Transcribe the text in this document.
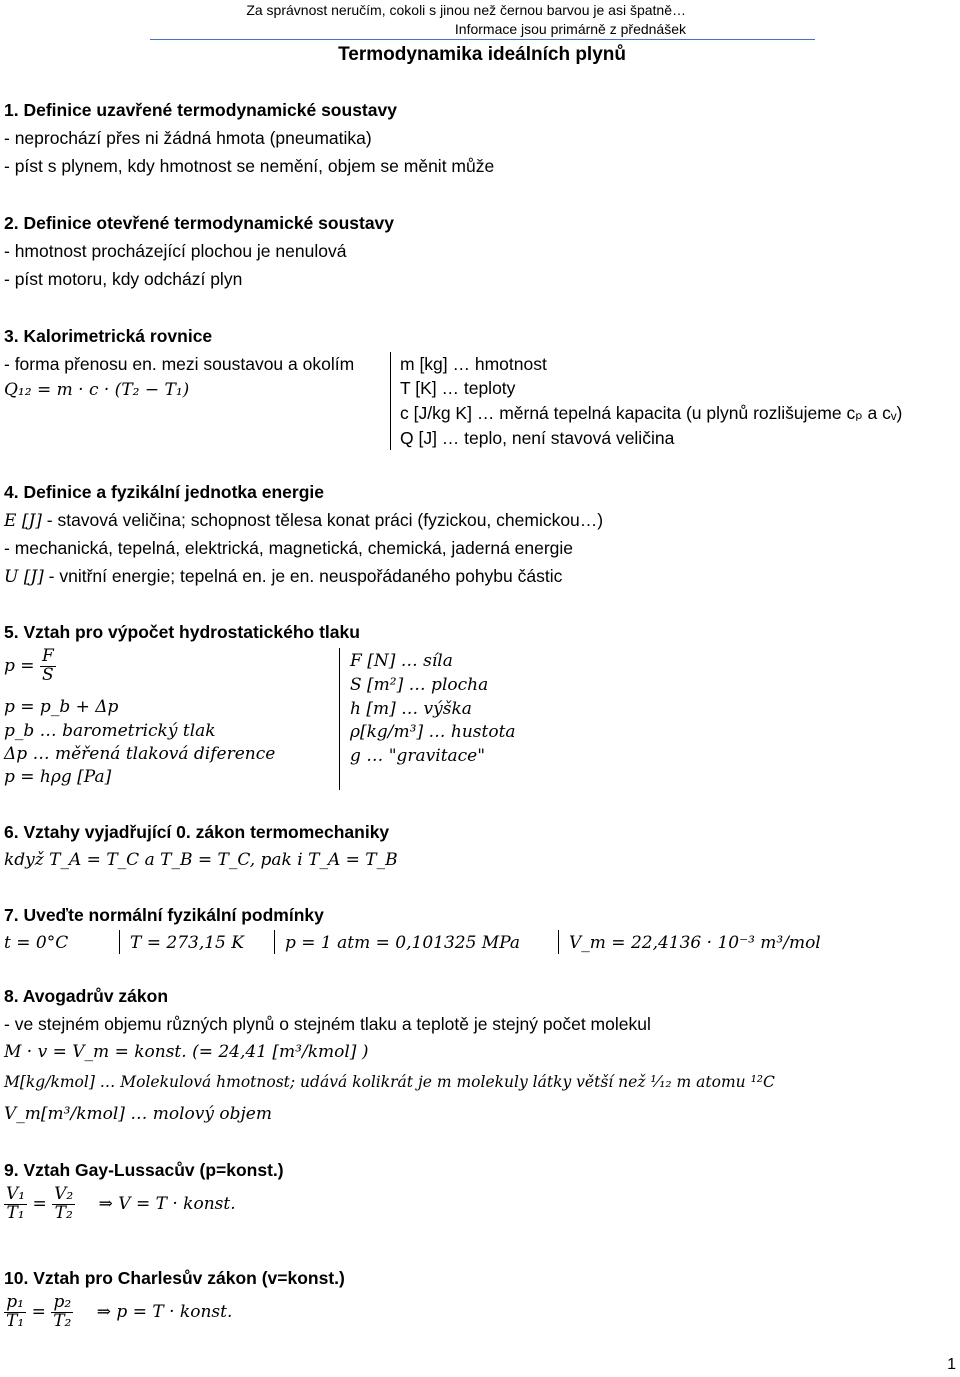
Za správnost neručím, cokoli s jinou než černou barvou je asi špatně…
Informace jsou primárně z přednášek
Termodynamika ideálních plynů
1. Definice uzavřené termodynamické soustavy
- neprochází přes ni žádná hmota (pneumatika)
- píst s plynem, kdy hmotnost se nemění, objem se měnit může
2. Definice otevřené termodynamické soustavy
- hmotnost procházející plochou je nenulová
- píst motoru, kdy odchází plyn
3. Kalorimetrická rovnice
- forma přenosu en. mezi soustavou a okolím
Q₁₂ = m · c · (T₂ − T₁)
m [kg] … hmotnost
T [K] … teploty
c [J/kg K] … měrná tepelná kapacita (u plynů rozlišujeme cₚ a cᵥ)
Q [J] … teplo, není stavová veličina
4. Definice a fyzikální jednotka energie
E [J] - stavová veličina; schopnost tělesa konat práci (fyzickou, chemickou…)
- mechanická, tepelná, elektrická, magnetická, chemická, jaderná energie
U [J] - vnitřní energie; tepelná en. je en. neuspořádaného pohybu částic
5. Vztah pro výpočet hydrostatického tlaku
$p = \frac{F}{S}$
p = p_b + Δp
p_b … barometrický tlak
Δp … měřená tlaková diference
p = hρg [Pa]
F [N] … síla
S [m²] … plocha
h [m] … výška
ρ[kg/m³] … hustota
g … "gravitace"
6. Vztahy vyjadřující 0. zákon termomechaniky
když T_A = T_C a T_B = T_C, pak i T_A = T_B
7. Uveďte normální fyzikální podmínky
t = 0°C	T = 273,15 K p = 1 atm = 0,101325 MPa	V_m = 22,4136 · 10⁻³ m³/mol
8. Avogadrův zákon
- ve stejném objemu různých plynů o stejném tlaku a teplotě je stejný počet molekul
M · v = V_m = konst. (= 24,41 [m³/kmol] )
M[kg/kmol] … Molekulová hmotnost; udává kolikrát je m molekuly látky větší než ¹⁄₁₂ m atomu ¹²C
V_m[m³/kmol] … molový objem
9. Vztah Gay-Lussacův (p=konst.)
$\frac{\text{V₁}}{\text{T₁}} = \frac{\text{V₂}}{\text{T₂}}$ ⇒ V = T · konst.
10. Vztah pro Charlesův zákon (v=konst.)
$\frac{\text{p₁}}{\text{T₁}} = \frac{\text{p₂}}{\text{T₂}}$ ⇒ p = T · konst.
1
